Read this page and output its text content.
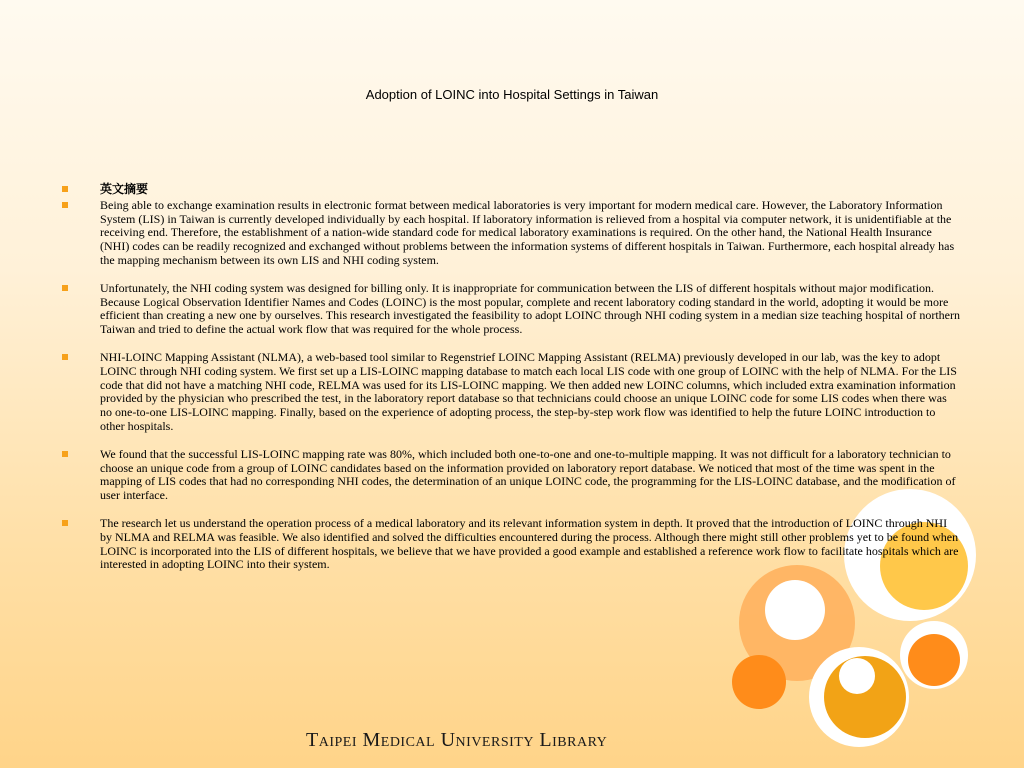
Adoption of LOINC into Hospital Settings in Taiwan

英文摘要

Being able to exchange examination results in electronic format between medical laboratories is very important for modern medical care. However, the Laboratory Information System (LIS) in Taiwan is currently developed individually by each hospital. If laboratory information is relieved from a hospital via computer network, it is unidentifiable at the receiving end. Therefore, the establishment of a nation-wide standard code for medical laboratory examinations is required. On the other hand, the National Health Insurance (NHI) codes can be readily recognized and exchanged without problems between the information systems of different hospitals in Taiwan. Furthermore, each hospital already has the mapping mechanism between its own LIS and NHI coding system.

Unfortunately, the NHI coding system was designed for billing only. It is inappropriate for communication between the LIS of different hospitals without major modification. Because Logical Observation Identifier Names and Codes (LOINC) is the most popular, complete and recent laboratory coding standard in the world, adopting it would be more efficient than creating a new one by ourselves. This research investigated the feasibility to adopt LOINC through NHI coding system in a median size teaching hospital of northern Taiwan and tried to define the actual work flow that was required for the whole process.

NHI-LOINC Mapping Assistant (NLMA), a web-based tool similar to Regenstrief LOINC Mapping Assistant (RELMA) previously developed in our lab, was the key to adopt LOINC through NHI coding system. We first set up a LIS-LOINC mapping database to match each local LIS code with one group of LOINC with the help of NLMA. For the LIS code that did not have a matching NHI code, RELMA was used for its LIS-LOINC mapping. We then added new LOINC columns, which included extra examination information provided by the physician who prescribed the test, in the laboratory report database so that technicians could choose an unique LOINC code for some LIS codes when there was no one-to-one LIS-LOINC mapping. Finally, based on the experience of adopting process, the step-by-step work flow was identified to help the future LOINC introduction to other hospitals.

We found that the successful LIS-LOINC mapping rate was 80%, which included both one-to-one and one-to-multiple mapping. It was not difficult for a laboratory technician to choose an unique code from a group of LOINC candidates based on the information provided on laboratory report database. We noticed that most of the time was spent in the mapping of LIS codes that had no corresponding NHI codes, the determination of an unique LOINC code, the programming for the LIS-LOINC database, and the modification of user interface.

The research let us understand the operation process of a medical laboratory and its relevant information system in depth. It proved that the introduction of LOINC through NHI by NLMA and RELMA was feasible. We also identified and solved the difficulties encountered during the process. Although there might still other problems yet to be found when LOINC is incorporated into the LIS of different hospitals, we believe that we have provided a good example and established a reference work flow to facilitate hospitals which are interested in adopting LOINC into their system.

Taipei Medical University Library
